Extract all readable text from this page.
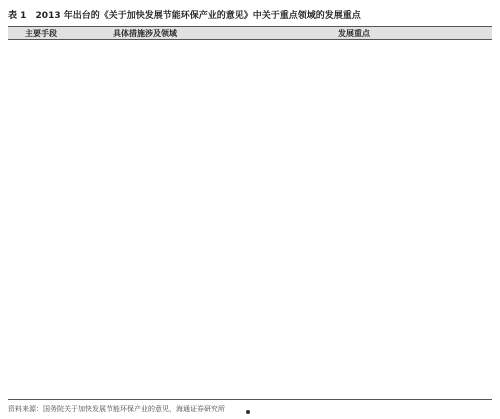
表 1 2013 年出台的《关于加快发展节能环保产业的意见》中关于重点领域的发展重点
主要手段	具体措施涉及领域	发展重点
资料来源：国务院关于加快发展节能环保产业的意见，海通证券研究所
